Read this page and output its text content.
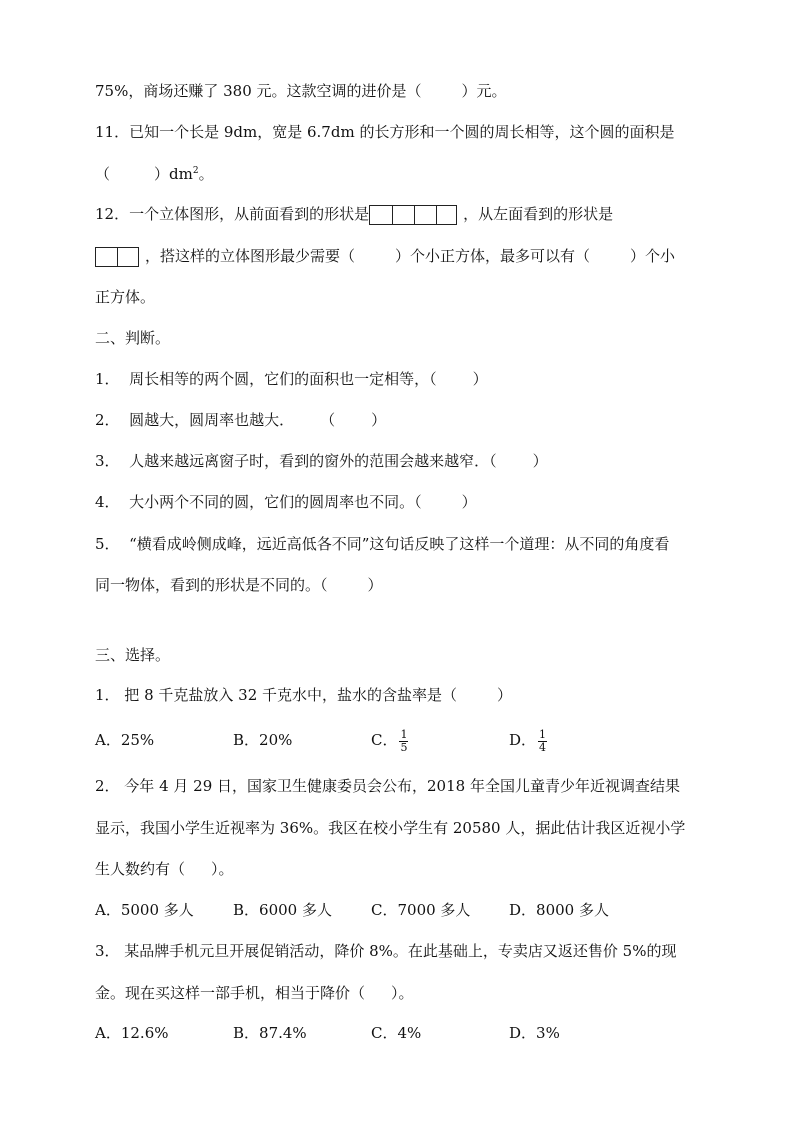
75%，商场还赚了 380 元。这款空调的进价是（	）元。
11．已知一个长是 9dm，宽是 6.7dm 的长方形和一个圆的周长相等，这个圆的面积是
（	）$dm^2$。
12．一个立体图形，从前面看到的形状是	，从左面看到的形状是
，搭这样的立体图形最少需要（	）个小正方体，最多可以有（	）个小
正方体。
二、判断。
1． 周长相等的两个圆，它们的面积也一定相等，（ ）
2． 圆越大，圆周率也越大． （ ）
3． 人越来越远离窗子时，看到的窗外的范围会越来越窄．（ ）
4． 大小两个不同的圆，它们的圆周率也不同。（	）
5． “横看成岭侧成峰，远近高低各不同”这句话反映了这样一个道理：从不同的角度看
同一物体，看到的形状是不同的。（	）
三、选择。
1． 把 8 千克盐放入 32 千克水中，盐水的含盐率是（	）
A．25%	B．20%	C． $\frac{1}{5}$	D． $\frac{1}{4}$
2． 今年 4 月 29 日，国家卫生健康委员会公布，2018 年全国儿童青少年近视调查结果
显示，我国小学生近视率为 36%。我区在校小学生有 20580 人，据此估计我区近视小学
生人数约有（ ）。
A．5000 多人	B．6000 多人	C．7000 多人	D．8000 多人
3． 某品牌手机元旦开展促销活动，降价 8%。在此基础上，专卖店又返还售价 5%的现
金。现在买这样一部手机，相当于降价（ ）。
A．12.6%	B．87.4%	C．4%	D．3%
